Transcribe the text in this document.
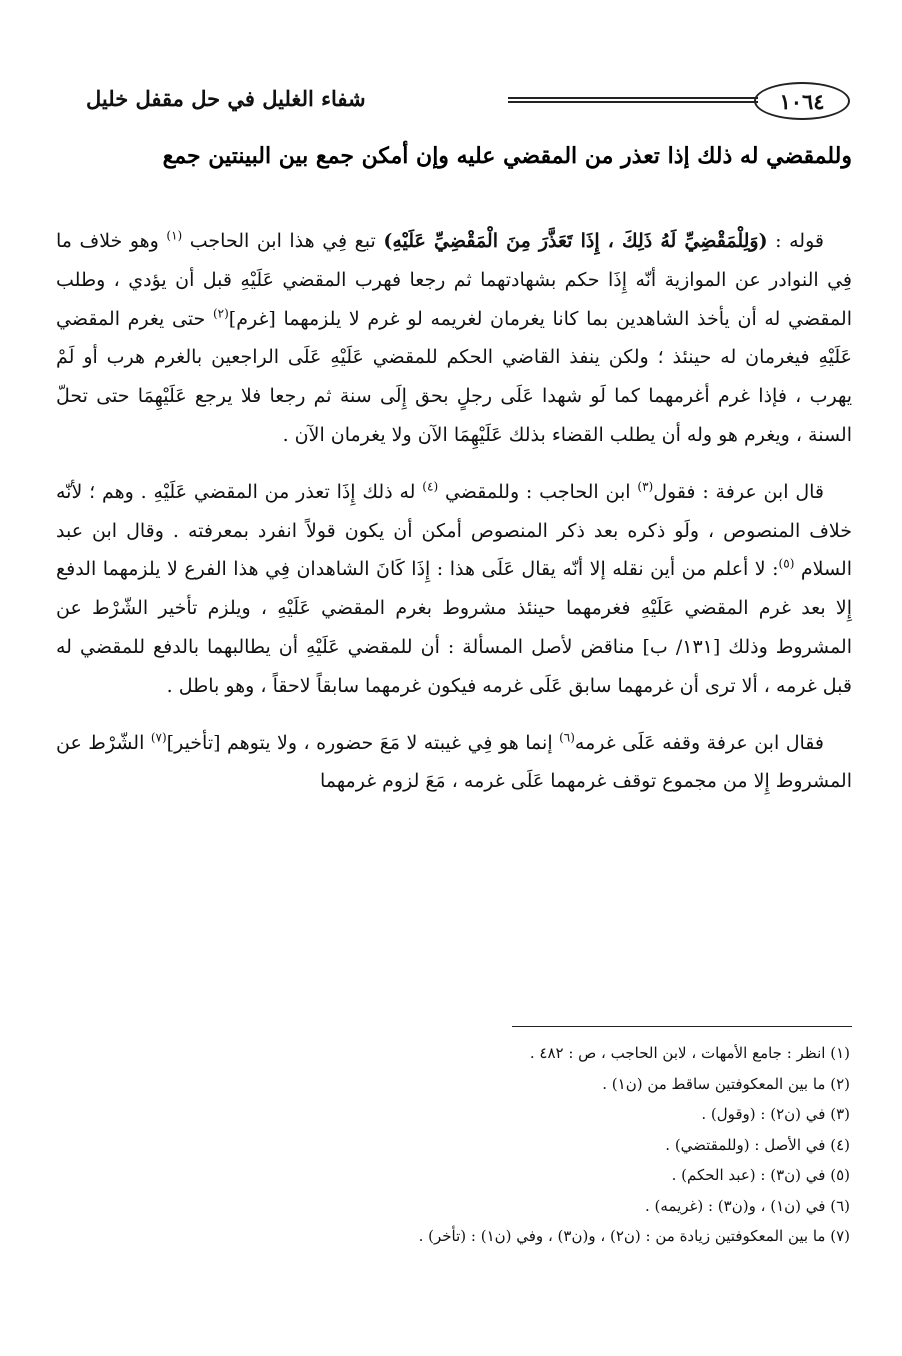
١٠٦٤
شفاء الغليل في حل مقفل خليل
وللمقضي له ذلك إذا تعذر من المقضي عليه وإن أمكن جمع بين البينتين جمع

قوله : (وَلِلْمَقْضِيِّ لَهُ ذَلِكَ ، إِذَا تَعَذَّرَ مِنَ الْمَقْضِيِّ عَلَيْهِ) تبع فِي هذا ابن الحاجب $^{(١)}$ وهو خلاف ما فِي النوادر عن الموازية أنّه إِذَا حكم بشهادتهما ثم رجعا فهرب المقضي عَلَيْهِ قبل أن يؤدي ، وطلب المقضي له أن يأخذ الشاهدين بما كانا يغرمان لغريمه لو غرم لا يلزمهما [غرم]$^{(٢)}$ حتى يغرم المقضي عَلَيْهِ فيغرمان له حينئذ ؛ ولكن ينفذ القاضي الحكم للمقضي عَلَيْهِ عَلَى الراجعين بالغرم هرب أو لَمْ يهرب ، فإذا غرم أغرمهما كما لَو شهدا عَلَى رجلٍ بحق إِلَى سنة ثم رجعا فلا يرجع عَلَيْهِمَا حتى تحلّ السنة ، ويغرم هو وله أن يطلب القضاء بذلك عَلَيْهِمَا الآن ولا يغرمان الآن .

قال ابن عرفة : فقول$^{(٣)}$ ابن الحاجب : وللمقضي $^{(٤)}$ له ذلك إِذَا تعذر من المقضي عَلَيْهِ . وهم ؛ لأنّه خلاف المنصوص ، ولَو ذكره بعد ذكر المنصوص أمكن أن يكون قولاً انفرد بمعرفته . وقال ابن عبد السلام $^{(٥)}$: لا أعلم من أين نقله إلا أنّه يقال عَلَى هذا : إِذَا كَانَ الشاهدان فِي هذا الفرع لا يلزمهما الدفع إِلا بعد غرم المقضي عَلَيْهِ فغرمهما حينئذ مشروط بغرم المقضي عَلَيْهِ ، ويلزم تأخير الشّرْط عن المشروط وذلك [١٣١/ ب] مناقض لأصل المسألة : أن للمقضي عَلَيْهِ أن يطالبهما بالدفع للمقضي له قبل غرمه ، ألا ترى أن غرمهما سابق عَلَى غرمه فيكون غرمهما سابقاً لاحقاً ، وهو باطل .

فقال ابن عرفة وقفه عَلَى غرمه$^{(٦)}$ إنما هو فِي غيبته لا مَعَ حضوره ، ولا يتوهم [تأخير]$^{(٧)}$ الشّرْط عن المشروط إِلا من مجموع توقف غرمهما عَلَى غرمه ، مَعَ لزوم غرمهما

(١) انظر : جامع الأمهات ، لابن الحاجب ، ص : ٤٨٢ .
(٢) ما بين المعكوفتين ساقط من (ن١) .
(٣) في (ن٢) : (وقول) .
(٤) في الأصل : (وللمقتضي) .
(٥) في (ن٣) : (عبد الحكم) .
(٦) في (ن١) ، و(ن٣) : (غريمه) .
(٧) ما بين المعكوفتين زيادة من : (ن٢) ، و(ن٣) ، وفي (ن١) : (تأخر) .
